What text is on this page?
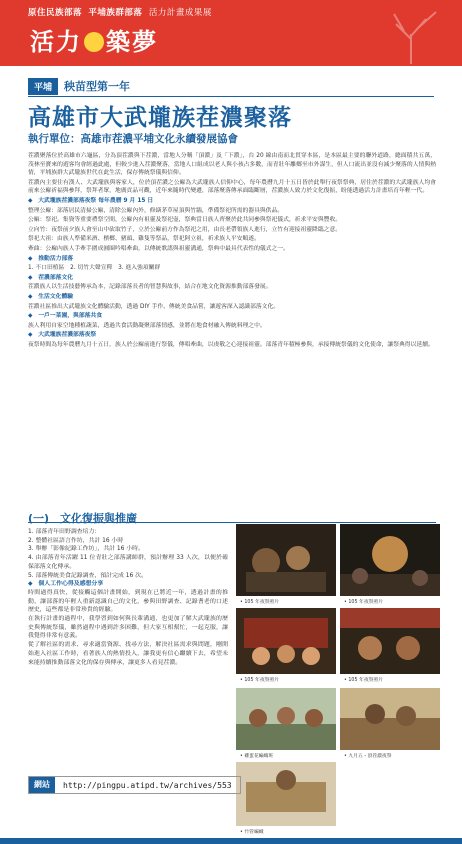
原住民族部落 平埔族群部落 活力計畫成果展
活力 築夢
平埔	秧苗型第一年
高雄市大武壠族茬濃聚落
執行單位：高雄市茬濃平埔文化永續發展協會

茬濃聚落位於高雄市六龜區，分為頂茬濃與下茬濃，當地人分稱「頂濃」及「下濃」，台 20 線由南而北貫穿本區，是本區最主要的聯外道路，總面積共五萬，茂林至寶來的遊客均會經過此處，但較少進入茬濃聚落，當地人口組成以老人與小孩占多數，而青壯年離鄉至市外謀生，但人口流出並沒有減少聚落的人情與熱情，平埔族群大武壠族世代在此生活，保存傳統祭儀與信仰。

茬濃內主要住有漢人、大武壠族與客家人，位於頂茬濃之公廨為大武壠族人信仰中心，每年農曆九月十五日皆於此舉行夜祭祭典，居住於茬濃的大武壠族人均會前來公廨祈福與參拜，祭拜者眾，地廣貢品可觀，近年來隨時代變遷，部落聚落傳承面臨斷層，茬濃族人致力於文化復振，盼能透過活力計畫培育年輕一代。

◆　大武壠族茬濃部落夜祭 每年農曆 9 月 15 日

整理公廨：部落居民清掃公廨，清除公廨內外，修繕茅草屋頂與竹牆，準備祭祀所需的器具與供品。

公廨：祭祀。集資等重要禮祭空間，公廨內有祖靈及祭祀壺，祭典當日族人齊聚於此共同參與祭祀儀式，祈求平安與豐收。

立向竹：夜祭前夕族人會至山中砍取竹子，立於公廨前方作為祭祀之用，由長老帶領族人進行，立竹有迎接祖靈降臨之意。

祭祀大祖：由族人準備米酒、檳榔、豬頭、雞隻等祭品，祭祀阿立祖，祈求族人平安順遂。

牽曲：公廨內族人手牽手圍成圓圈吟唱牽曲，以傳統歌謠與祖靈溝通，祭典中最具代表性的儀式之一。

◆　推動活力部落

1. 不口田植區　2. 切竹大聲宣釋　3. 進入強項關群

◆　茬濃部落文化

茬濃族人以生活技藝傳承為本，記錄部落長者的智慧與故事，結合在地文化資源推動部落發展。

◆　生活文化體驗

茬濃社區推出大武壠族文化體驗活動，透過 DIY 手作、傳統美食品嘗，讓遊客深入認識部落文化。

◆　一戶一菜園，與部落共食

族人利用自家空地種植蔬菜，透過共食活動凝聚部落情感，並將在地食材融入傳統料理之中。

◆　大武壠族茬濃部落夜祭

夜祭時間為每年農曆九月十五日，族人於公廨前進行祭儀，傳唱牽曲，以虔敬之心迎接祖靈。部落青年積極參與，承接傳統祭儀的文化使命，讓祭典得以延續。

(一)　文化復振與推廣

1. 部落青年田野調查培力：

2. 整體社區語言作坊，共計 16 小時

3. 舉辦「影像紀錄工作坊」，共計 16 小時。

4. 由部落青年活躍 11 位青壯之部落講師群，預計辦理 33 人次，以便於確保部落文化傳承。

5. 部落傳統美食記錄調查，預計完成 16 次。

◆　個人工作心得及感想分享

時間過得真快，從接觸這個計畫開始，到現在已將近一年，透過計畫的推動，讓部落的年輕人重新認識自己的文化，參與田野調查、記錄耆老的口述歷史，這些都是非常珍貴的經驗。

在執行計畫的過程中，我學習到如何與長輩溝通，也更加了解大武壠族的歷史與傳統祭儀，雖然過程中遇到許多困難，但大家互相幫忙，一起克服，讓我覺得非常有意義。

從了解社區的需求、尋求適當資源、找尋方法，解決社區需求與問題，剛開始進入社區工作時，看著族人的熱情投入，讓我更有信心繼續下去，希望未來能持續推動部落文化的保存與傳承，讓更多人看見茬濃。

• 105 年夜祭照片	• 105 年夜祭照片
• 105 年夜祭照片	• 105 年夜祭照片
• 雞蛋花編織班	• 九月五・頂茬濃夜祭
• 竹管編織
網站	http://pingpu.atipd.tw/archives/553
